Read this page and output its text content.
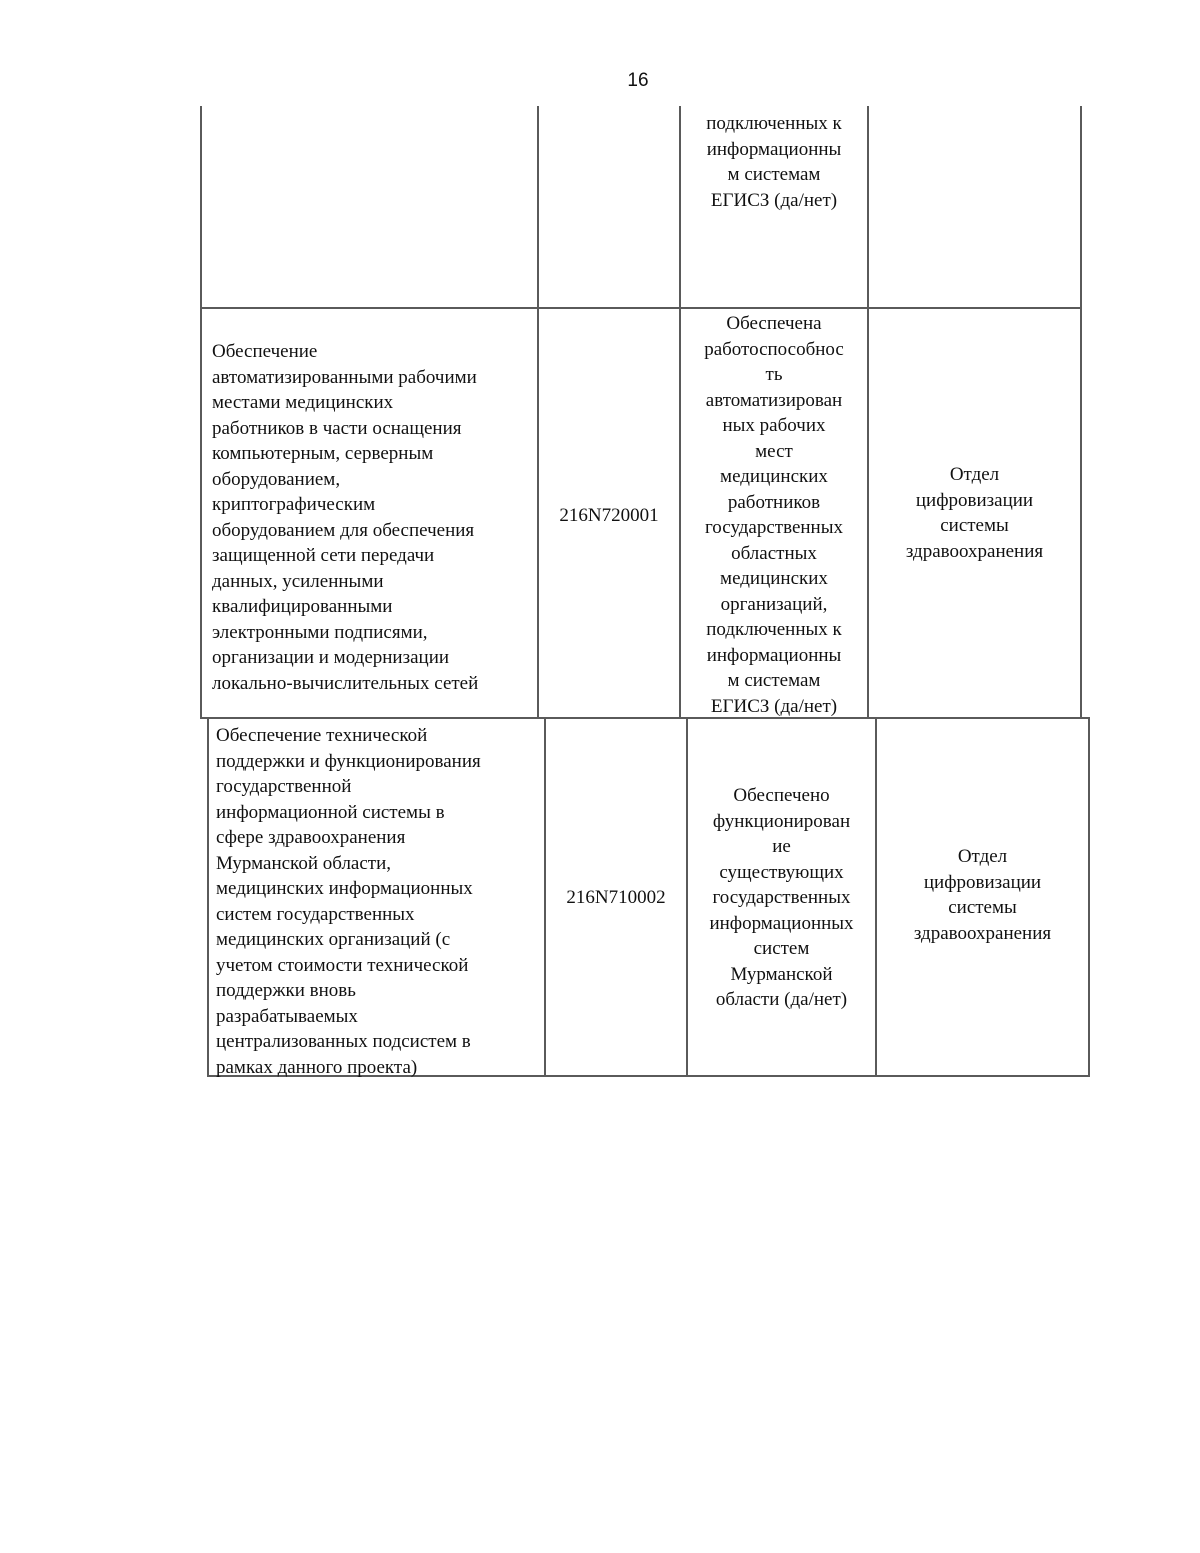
16
подключенных к
информационны
м системам
ЕГИСЗ (да/нет)
Обеспечение
автоматизированными рабочими
местами медицинских
работников в части оснащения
компьютерным, серверным
оборудованием,
криптографическим
оборудованием для обеспечения
защищенной сети передачи
данных, усиленными
квалифицированными
электронными подписями,
организации и модернизации
локально-вычислительных сетей
216N720001
Обеспечена
работоспособнос
ть
автоматизирован
ных рабочих
мест
медицинских
работников
государственных
областных
медицинских
организаций,
подключенных к
информационны
м системам
ЕГИСЗ (да/нет)
Отдел
цифровизации
системы
здравоохранения
Обеспечение технической
поддержки и функционирования
государственной
информационной системы в
сфере здравоохранения
Мурманской области,
медицинских информационных
систем государственных
медицинских организаций (с
учетом стоимости технической
поддержки вновь
разрабатываемых
централизованных подсистем в
рамках данного проекта)
216N710002
Обеспечено
функционирован
ие
существующих
государственных
информационных
систем
Мурманской
области (да/нет)
Отдел
цифровизации
системы
здравоохранения
